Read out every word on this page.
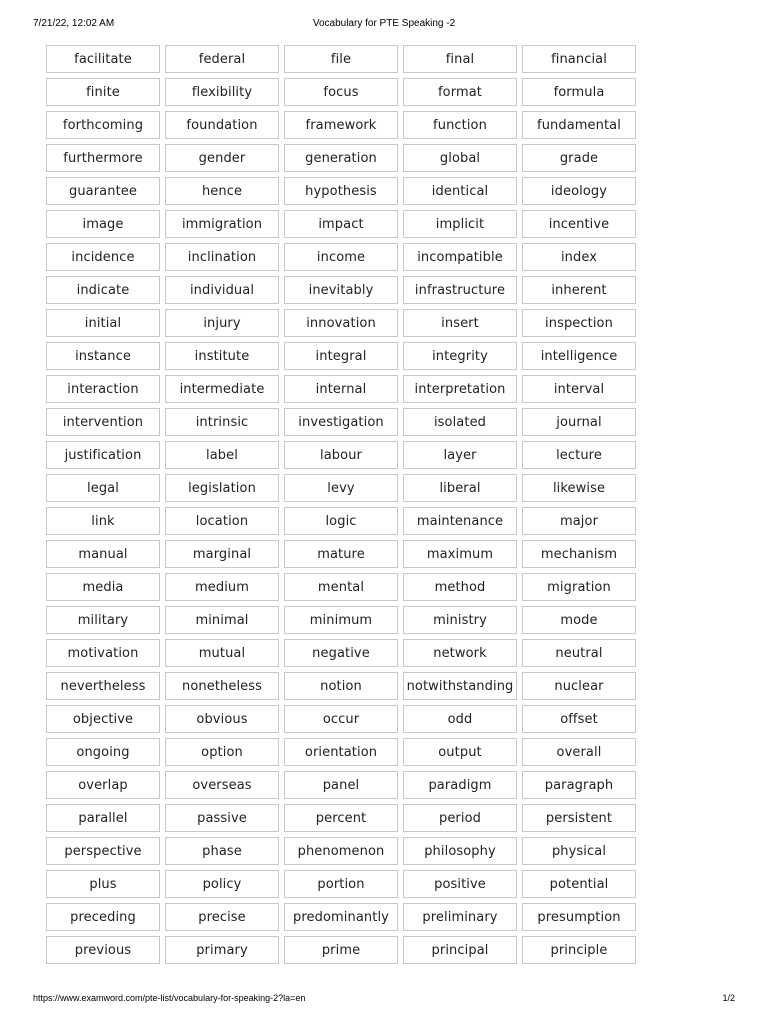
7/21/22, 12:02 AM	Vocabulary for PTE Speaking -2
facilitate	federal	file	final	financial
finite	flexibility	focus	format	formula
forthcoming	foundation	framework	function	fundamental
furthermore	gender	generation	global	grade
guarantee	hence	hypothesis	identical	ideology
image	immigration	impact	implicit	incentive
incidence	inclination	income	incompatible	index
indicate	individual	inevitably	infrastructure	inherent
initial	injury	innovation	insert	inspection
instance	institute	integral	integrity	intelligence
interaction	intermediate	internal	interpretation	interval
intervention	intrinsic	investigation	isolated	journal
justification	label	labour	layer	lecture
legal	legislation	levy	liberal	likewise
link	location	logic	maintenance	major
manual	marginal	mature	maximum	mechanism
media	medium	mental	method	migration
military	minimal	minimum	ministry	mode
motivation	mutual	negative	network	neutral
nevertheless	nonetheless	notion	notwithstanding	nuclear
objective	obvious	occur	odd	offset
ongoing	option	orientation	output	overall
overlap	overseas	panel	paradigm	paragraph
parallel	passive	percent	period	persistent
perspective	phase	phenomenon	philosophy	physical
plus	policy	portion	positive	potential
preceding	precise	predominantly	preliminary	presumption
previous	primary	prime	principal	principle
https://www.examword.com/pte-list/vocabulary-for-speaking-2?la=en	1/2
